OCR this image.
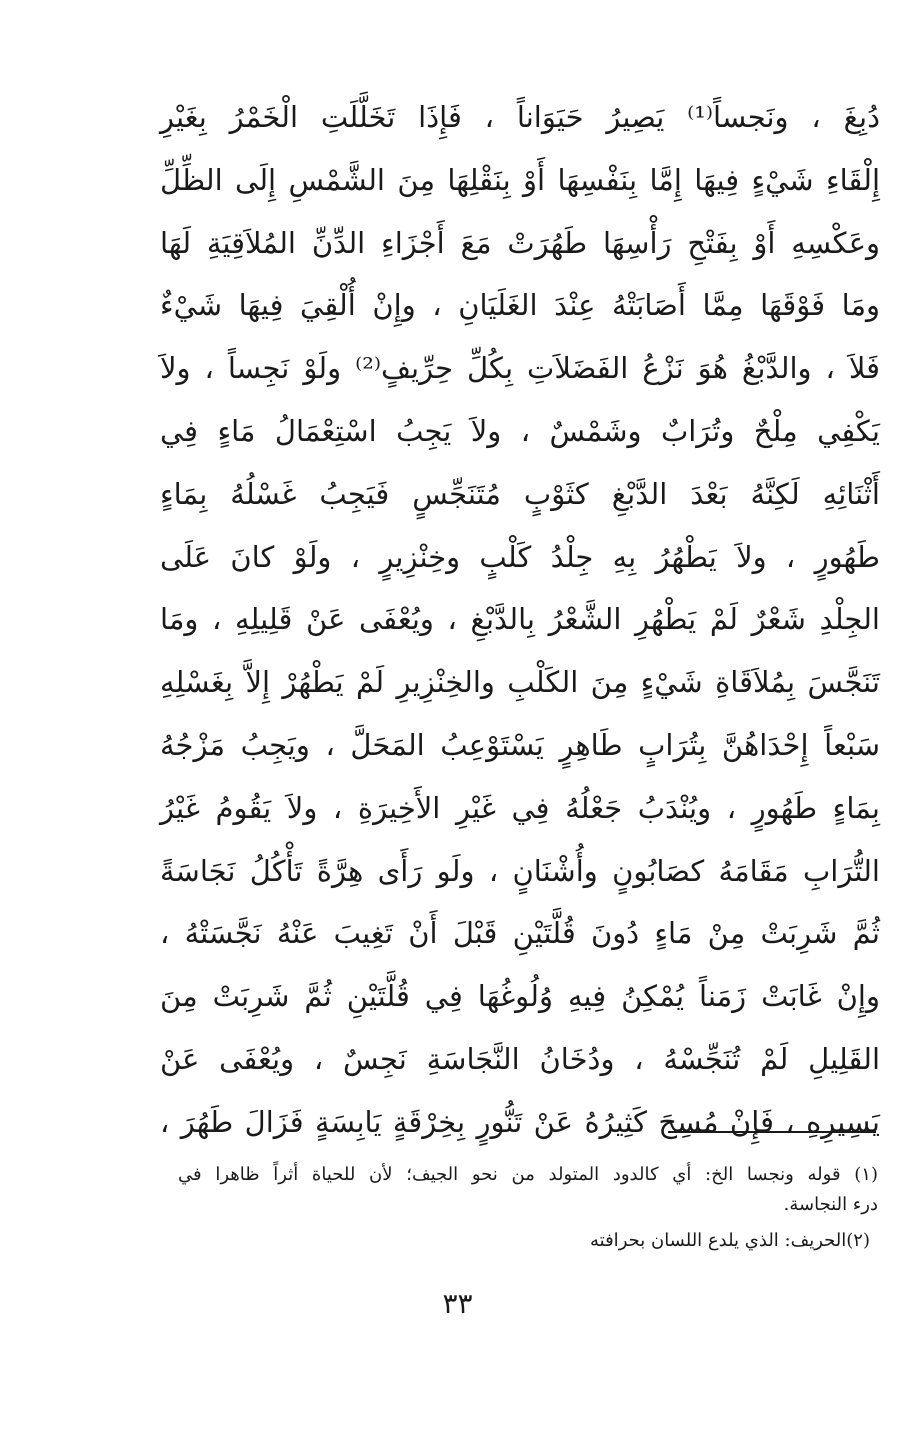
دُبِغَ ، ونَجساً⁽¹⁾ يَصِيرُ حَيَوَاناً ، فَإِذَا تَخَلَّلَتِ الْخَمْرُ بِغَيْرِ
إِلْقَاءِ شَيْءٍ فِيهَا إِمَّا بِنَفْسِهَا أَوْ بِنَقْلِهَا مِنَ الشَّمْسِ إِلَى الظِّلِّ
وعَكْسِهِ أَوْ بِفَتْحِ رَأْسِهَا طَهُرَتْ مَعَ أَجْزَاءِ الدِّنِّ المُلاَقِيَةِ لَهَا
ومَا فَوْقَهَا مِمَّا أَصَابَتْهُ عِنْدَ الغَلَيَانِ ، وإِنْ أُلْقِيَ فِيهَا شَيْءٌ
فَلاَ ، والدَّبْغُ هُوَ نَزْعُ الفَضَلاَتِ بِكُلِّ حِرِّيفٍ⁽²⁾ ولَوْ نَجِساً ، ولاَ
يَكْفِي مِلْحٌ وتُرَابٌ وشَمْسٌ ، ولاَ يَجِبُ اسْتِعْمَالُ مَاءٍ فِي
أَثْنَائِهِ لَكِنَّهُ بَعْدَ الدَّبْغِ كثَوْبٍ مُتَنَجِّسٍ فَيَجِبُ غَسْلُهُ بِمَاءٍ
طَهُورٍ ، ولاَ يَطْهُرُ بِهِ جِلْدُ كَلْبٍ وخِنْزِيرٍ ، ولَوْ كانَ عَلَى
الجِلْدِ شَعْرٌ لَمْ يَطْهُرِ الشَّعْرُ بِالدَّبْغِ ، ويُعْفَى عَنْ قَلِيلِهِ ، ومَا
تَنَجَّسَ بِمُلاَقَاةِ شَيْءٍ مِنَ الكَلْبِ والخِنْزِيرِ لَمْ يَطْهُرْ إِلاَّ بِغَسْلِهِ
سَبْعاً إِحْدَاهُنَّ بِتُرَابٍ طَاهِرٍ يَسْتَوْعِبُ المَحَلَّ ، ويَجِبُ مَزْجُهُ
بِمَاءٍ طَهُورٍ ، ويُنْدَبُ جَعْلُهُ فِي غَيْرِ الأَخِيرَةِ ، ولاَ يَقُومُ غَيْرُ
التُّرَابِ مَقَامَهُ كصَابُونٍ وأُشْنَانٍ ، ولَو رَأَى هِرَّةً تَأْكُلُ نَجَاسَةً
ثُمَّ شَرِبَتْ مِنْ مَاءٍ دُونَ قُلَّتَيْنِ قَبْلَ أَنْ تَغِيبَ عَنْهُ نَجَّسَتْهُ ،
وإِنْ غَابَتْ زَمَناً يُمْكِنُ فِيهِ وُلُوغُهَا فِي قُلَّتَيْنِ ثُمَّ شَرِبَتْ مِنَ
القَلِيلِ لَمْ تُنَجِّسْهُ ، ودُخَانُ النَّجَاسَةِ نَجِسٌ ، ويُعْفَى عَنْ
يَسِيرِهِ ، فَإِنْ مُسِحَ كَثِيرُهُ عَنْ تَنُّورٍ بِخِرْقَةٍ يَابِسَةٍ فَزَالَ طَهُرَ ،
(١) قوله ونجسا الخ: أي كالدود المتولد من نحو الجيف؛ لأن للحياة أثراً ظاهرا في
درء النجاسة.
(٢)الحريف: الذي يلدع اللسان بحرافته
٣٣
